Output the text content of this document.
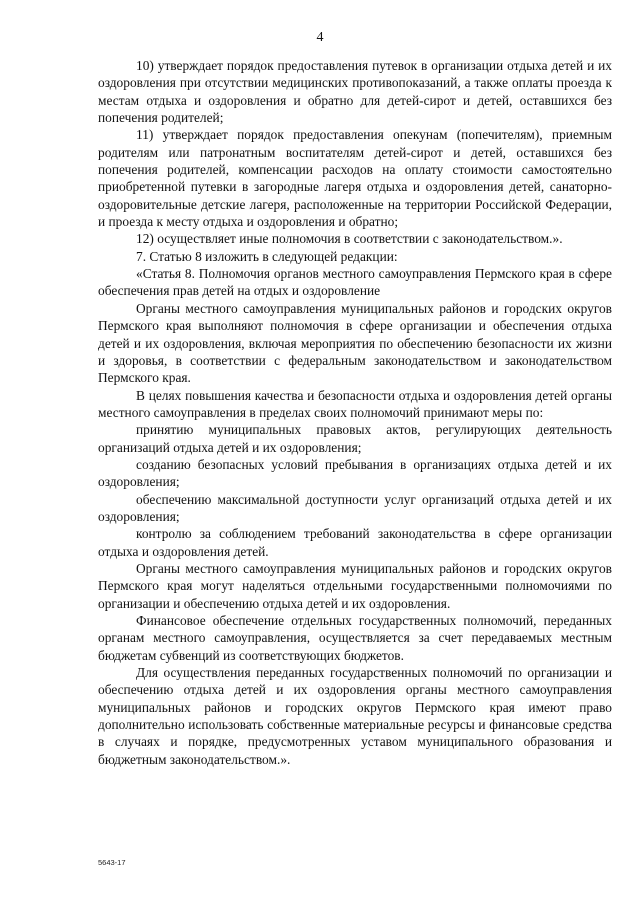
4

10) утверждает порядок предоставления путевок в организации отдыха детей и их оздоровления при отсутствии медицинских противопоказаний, а также оплаты проезда к местам отдыха и оздоровления и обратно для детей-сирот и детей, оставшихся без попечения родителей;

11) утверждает порядок предоставления опекунам (попечителям), приемным родителям или патронатным воспитателям детей-сирот и детей, оставшихся без попечения родителей, компенсации расходов на оплату стоимости самостоятельно приобретенной путевки в загородные лагеря отдыха и оздоровления детей, санаторно-оздоровительные детские лагеря, расположенные на территории Российской Федерации, и проезда к месту отдыха и оздоровления и обратно;

12) осуществляет иные полномочия в соответствии с законодательством.».

7. Статью 8 изложить в следующей редакции:

«Статья 8. Полномочия органов местного самоуправления Пермского края в сфере обеспечения прав детей на отдых и оздоровление

Органы местного самоуправления муниципальных районов и городских округов Пермского края выполняют полномочия в сфере организации и обеспечения отдыха детей и их оздоровления, включая мероприятия по обеспечению безопасности их жизни и здоровья, в соответствии с федеральным законодательством и законодательством Пермского края.

В целях повышения качества и безопасности отдыха и оздоровления детей органы местного самоуправления в пределах своих полномочий принимают меры по:

принятию муниципальных правовых актов, регулирующих деятельность организаций отдыха детей и их оздоровления;

созданию безопасных условий пребывания в организациях отдыха детей и их оздоровления;

обеспечению максимальной доступности услуг организаций отдыха детей и их оздоровления;

контролю за соблюдением требований законодательства в сфере организации отдыха и оздоровления детей.

Органы местного самоуправления муниципальных районов и городских округов Пермского края могут наделяться отдельными государственными полномочиями по организации и обеспечению отдыха детей и их оздоровления.

Финансовое обеспечение отдельных государственных полномочий, переданных органам местного самоуправления, осуществляется за счет передаваемых местным бюджетам субвенций из соответствующих бюджетов.

Для осуществления переданных государственных полномочий по организации и обеспечению отдыха детей и их оздоровления органы местного самоуправления муниципальных районов и городских округов Пермского края имеют право дополнительно использовать собственные материальные ресурсы и финансовые средства в случаях и порядке, предусмотренных уставом муниципального образования и бюджетным законодательством.».

5643-17
